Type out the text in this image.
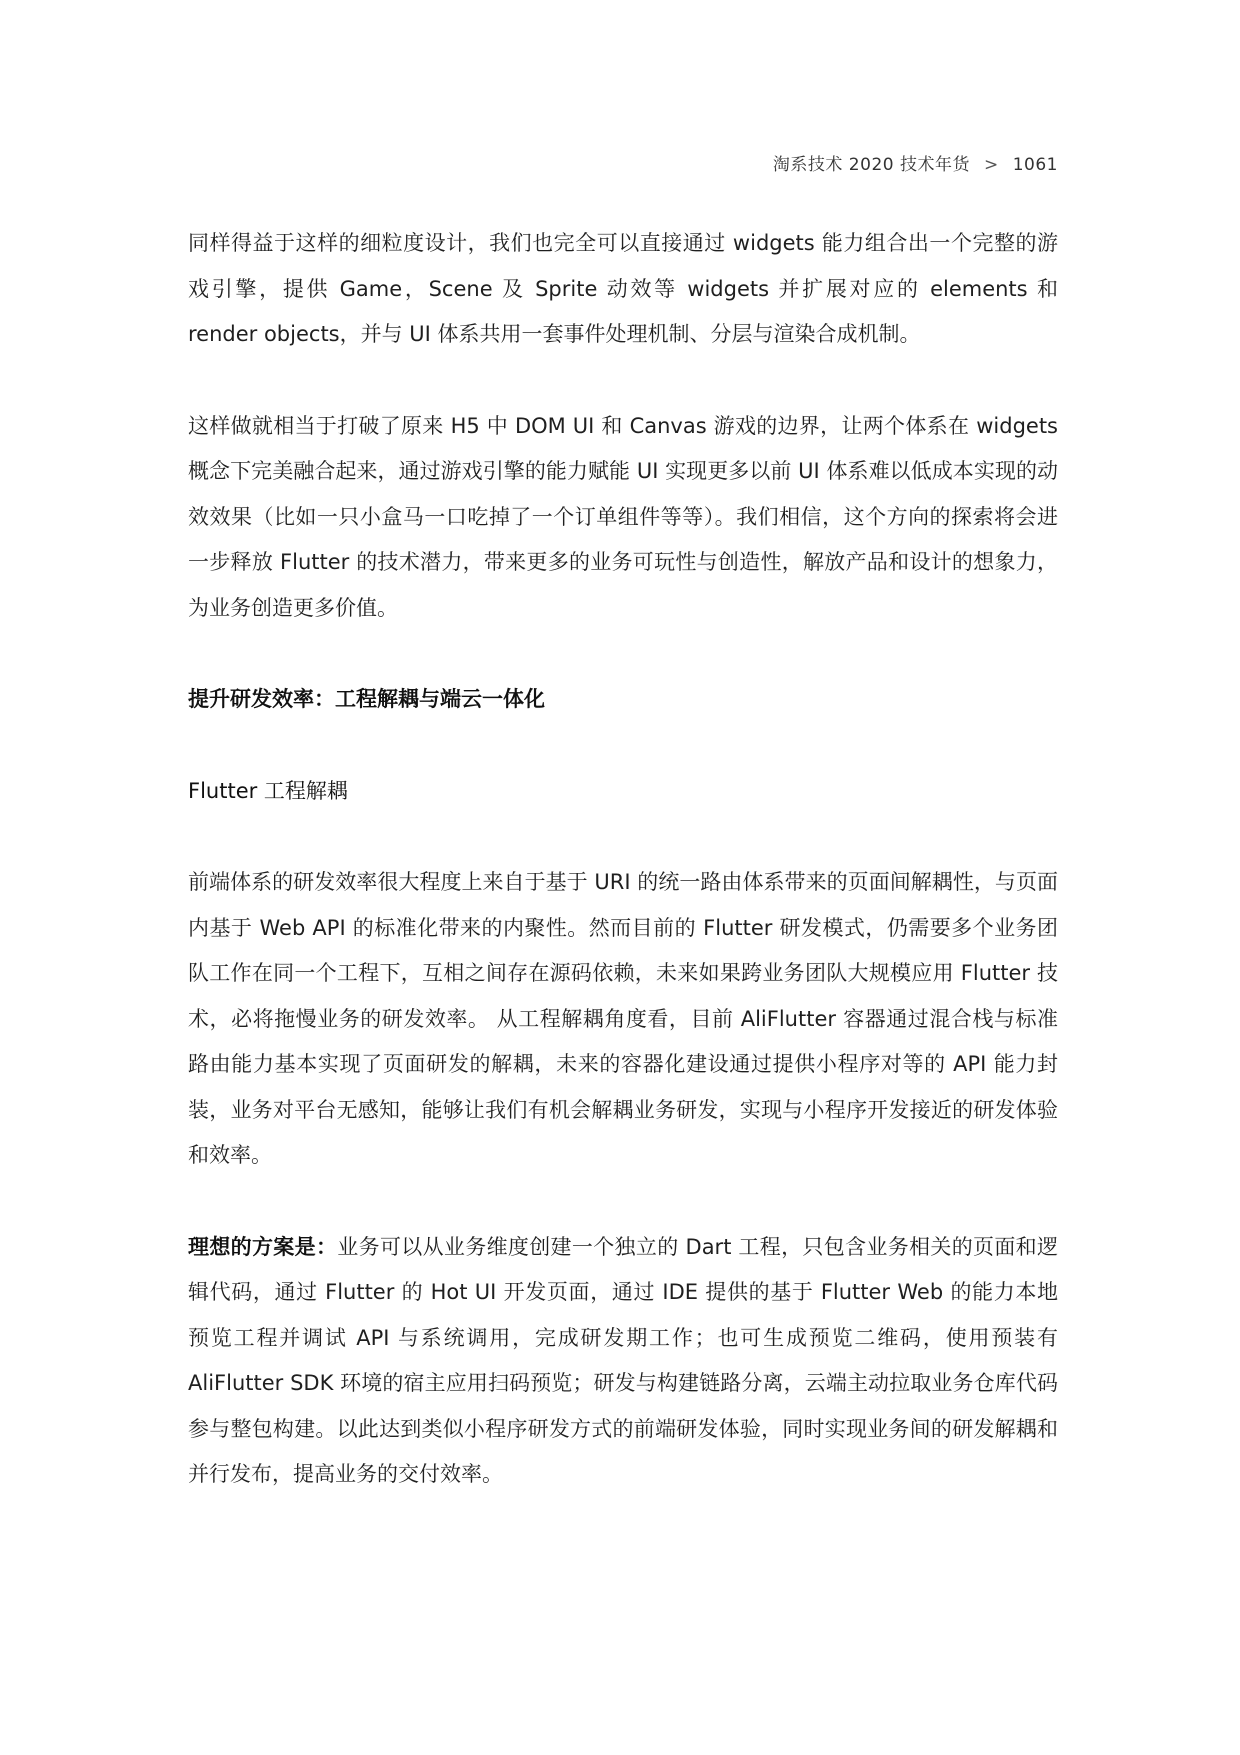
淘系技术 2020 技术年货 > 1061

同样得益于这样的细粒度设计，我们也完全可以直接通过 widgets 能力组合出一个完整的游戏引擎，提供 Game，Scene 及 Sprite 动效等 widgets 并扩展对应的 elements 和 render objects，并与 UI 体系共用一套事件处理机制、分层与渲染合成机制。

这样做就相当于打破了原来 H5 中 DOM UI 和 Canvas 游戏的边界，让两个体系在 widgets 概念下完美融合起来，通过游戏引擎的能力赋能 UI 实现更多以前 UI 体系难以低成本实现的动效效果（比如一只小盒马一口吃掉了一个订单组件等等）。我们相信，这个方向的探索将会进一步释放 Flutter 的技术潜力，带来更多的业务可玩性与创造性，解放产品和设计的想象力，为业务创造更多价值。

提升研发效率：工程解耦与端云一体化
Flutter 工程解耦

前端体系的研发效率很大程度上来自于基于 URI 的统一路由体系带来的页面间解耦性，与页面内基于 Web API 的标准化带来的内聚性。然而目前的 Flutter 研发模式，仍需要多个业务团队工作在同一个工程下，互相之间存在源码依赖，未来如果跨业务团队大规模应用 Flutter 技术，必将拖慢业务的研发效率。 从工程解耦角度看，目前 AliFlutter 容器通过混合栈与标准路由能力基本实现了页面研发的解耦，未来的容器化建设通过提供小程序对等的 API 能力封装，业务对平台无感知，能够让我们有机会解耦业务研发，实现与小程序开发接近的研发体验和效率。

理想的方案是：业务可以从业务维度创建一个独立的 Dart 工程，只包含业务相关的页面和逻辑代码，通过 Flutter 的 Hot UI 开发页面，通过 IDE 提供的基于 Flutter Web 的能力本地预览工程并调试 API 与系统调用，完成研发期工作；也可生成预览二维码，使用预装有 AliFlutter SDK 环境的宿主应用扫码预览；研发与构建链路分离，云端主动拉取业务仓库代码参与整包构建。以此达到类似小程序研发方式的前端研发体验，同时实现业务间的研发解耦和并行发布，提高业务的交付效率。
